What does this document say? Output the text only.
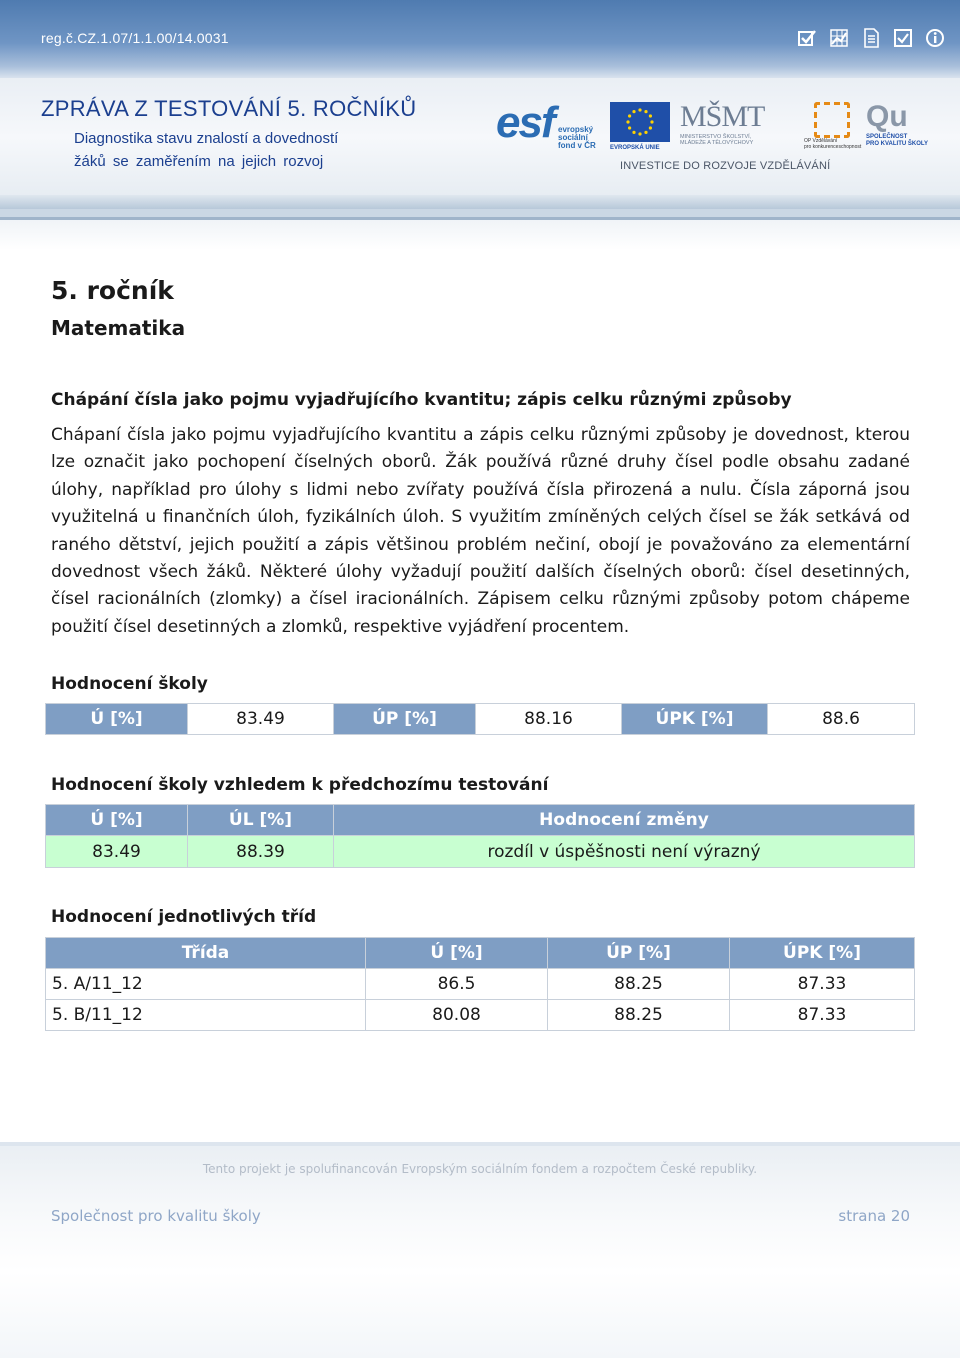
reg.č.CZ.1.07/1.1.00/14.0031
ZPRÁVA Z TESTOVÁNÍ 5. ROČNÍKŮ
Diagnostika stavu znalostí a dovedností
žáků se zaměřením na jejich rozvoj
esf evropský
sociální
fond v ČR EVROPSKÁ UNIE
MŠMT
MINISTERSTVO ŠKOLSTVÍ,
MLÁDEŽE A TĚLOVÝCHOVY	OP Vzdělávání
pro konkurenceschopnost
Qu
SPOLEČNOST
PRO KVALITU ŠKOLY
INVESTICE DO ROZVOJE VZDĚLÁVÁNÍ
5. ročník
Matematika
Chápání čísla jako pojmu vyjadřujícího kvantitu; zápis celku různými způsoby
Chápaní čísla jako pojmu vyjadřujícího kvantitu a zápis celku různými způsoby je dovednost, kterou lze označit jako pochopení číselných oborů. Žák používá různé druhy čísel podle obsahu zadané úlohy, například pro úlohy s lidmi nebo zvířaty používá čísla přirozená a nulu. Čísla záporná jsou využitelná u finančních úloh, fyzikálních úloh. S využitím zmíněných celých čísel se žák setkává od raného dětství, jejich použití a zápis většinou problém nečiní, obojí je považováno za elementární dovednost všech žáků. Některé úlohy vyžadují použití dalších číselných oborů: čísel desetinných, čísel racionálních (zlomky) a čísel iracionálních. Zápisem celku různými způsoby potom chápeme použití čísel desetinných a zlomků, respektive vyjádření procentem.
Hodnocení školy
Ú [%]	83.49	ÚP [%]	88.16	ÚPK [%]	88.6
Hodnocení školy vzhledem k předchozímu testování
Ú [%]	ÚL [%]	Hodnocení změny
83.49	88.39	rozdíl v úspěšnosti není výrazný
Hodnocení jednotlivých tříd
Třída	Ú [%]	ÚP [%]	ÚPK [%]
5. A/11_12	86.5	88.25	87.33
5. B/11_12	80.08	88.25	87.33
Tento projekt je spolufinancován Evropským sociálním fondem a rozpočtem České republiky.
Společnost pro kvalitu školy	strana 20
